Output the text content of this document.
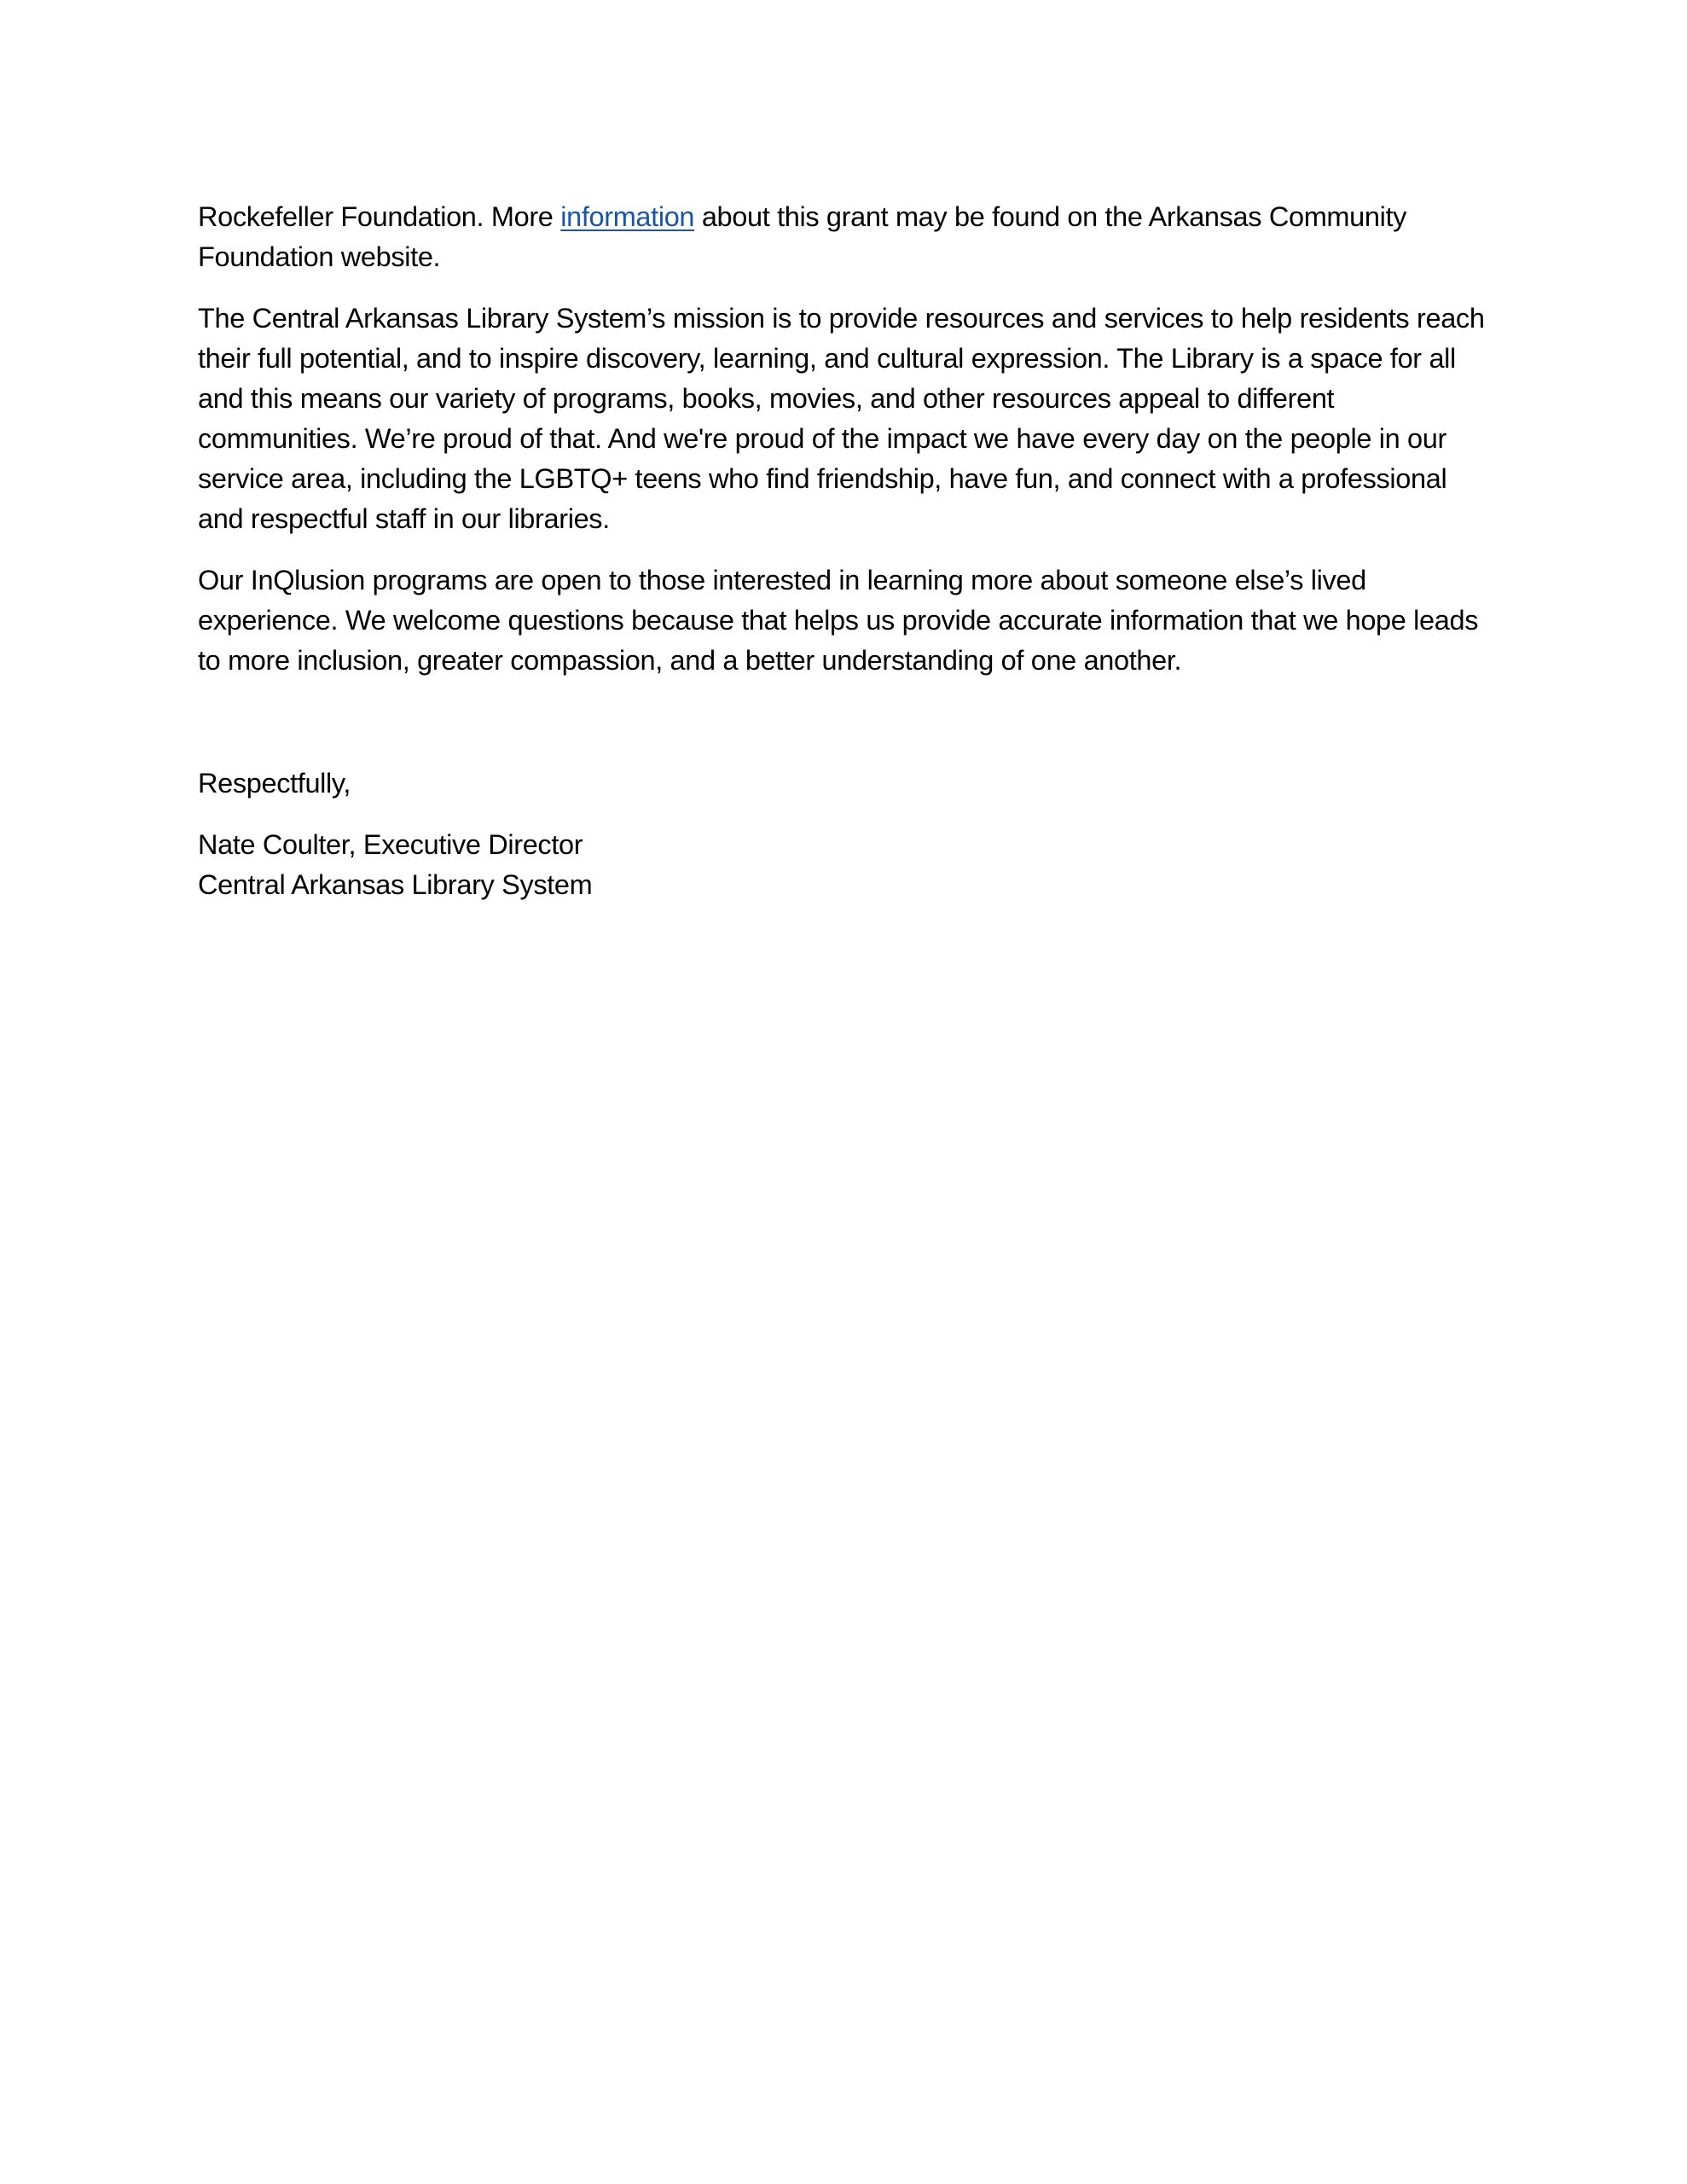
Rockefeller Foundation. More information about this grant may be found on the Arkansas Community Foundation website.

The Central Arkansas Library System’s mission is to provide resources and services to help residents reach their full potential, and to inspire discovery, learning, and cultural expression. The Library is a space for all and this means our variety of programs, books, movies, and other resources appeal to different communities. We’re proud of that. And we're proud of the impact we have every day on the people in our service area, including the LGBTQ+ teens who find friendship, have fun, and connect with a professional and respectful staff in our libraries.

Our InQlusion programs are open to those interested in learning more about someone else’s lived experience. We welcome questions because that helps us provide accurate information that we hope leads to more inclusion, greater compassion, and a better understanding of one another.

Respectfully,

Nate Coulter, Executive Director

Central Arkansas Library System
